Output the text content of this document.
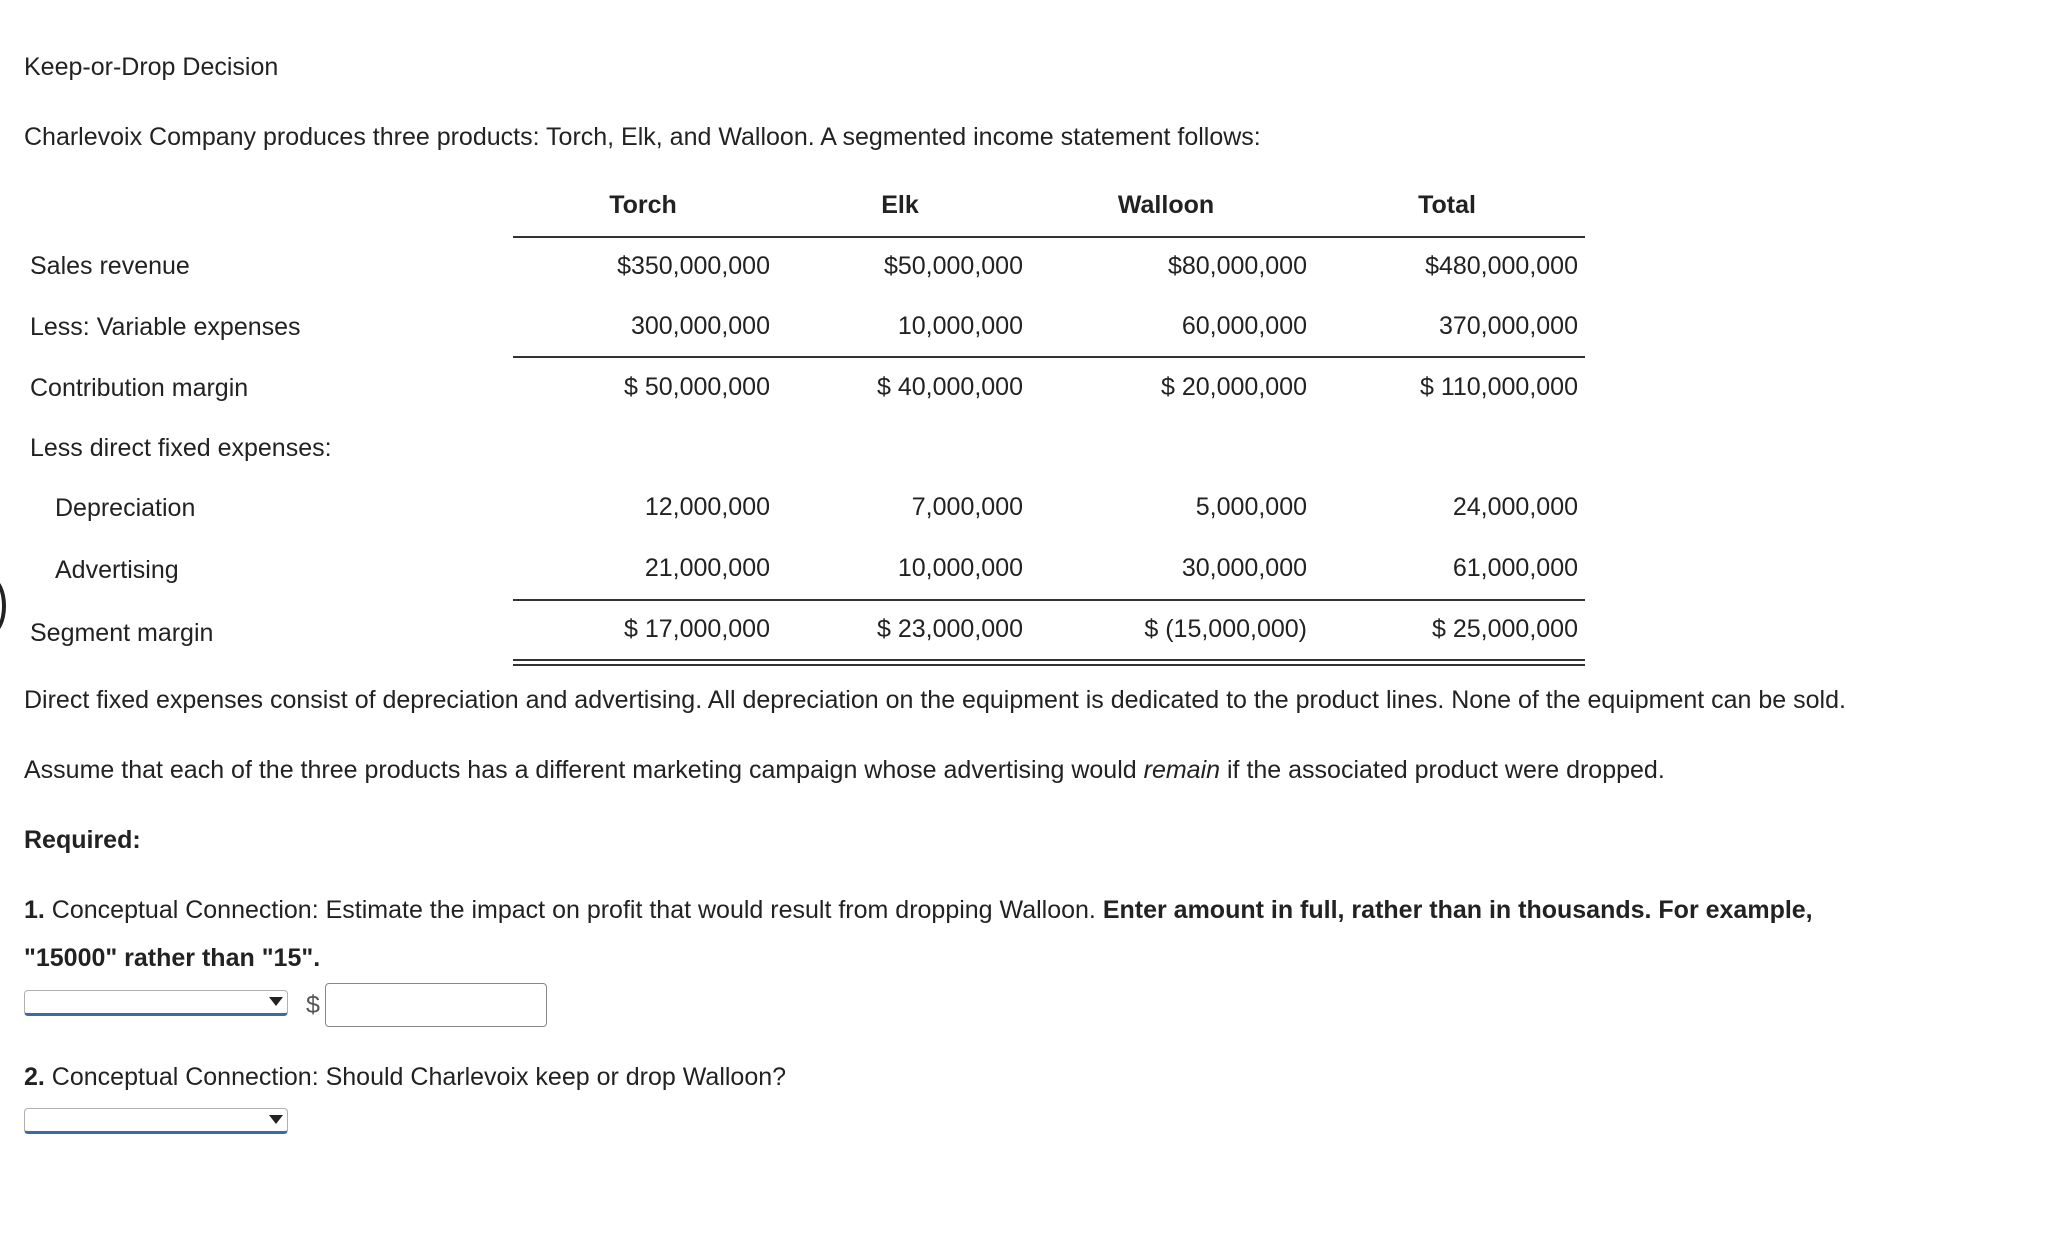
Keep-or-Drop Decision
Charlevoix Company produces three products: Torch, Elk, and Walloon. A segmented income statement follows:
Torch	Elk	Walloon	Total
Sales revenue	$350,000,000	$50,000,000	$80,000,000	$480,000,000
Less: Variable expenses	300,000,000	10,000,000	60,000,000	370,000,000
Contribution margin	$ 50,000,000	$ 40,000,000	$ 20,000,000	$ 110,000,000
Less direct fixed expenses:
Depreciation	12,000,000	7,000,000	5,000,000	24,000,000
Advertising	21,000,000	10,000,000	30,000,000	61,000,000
Segment margin	$ 17,000,000	$ 23,000,000	$ (15,000,000)	$ 25,000,000
Direct fixed expenses consist of depreciation and advertising. All depreciation on the equipment is dedicated to the product lines. None of the equipment can be sold.
Assume that each of the three products has a different marketing campaign whose advertising would remain if the associated product were dropped.
Required:
1. Conceptual Connection: Estimate the impact on profit that would result from dropping Walloon. Enter amount in full, rather than in thousands. For example,
"15000" rather than "15".
$
2. Conceptual Connection: Should Charlevoix keep or drop Walloon?
